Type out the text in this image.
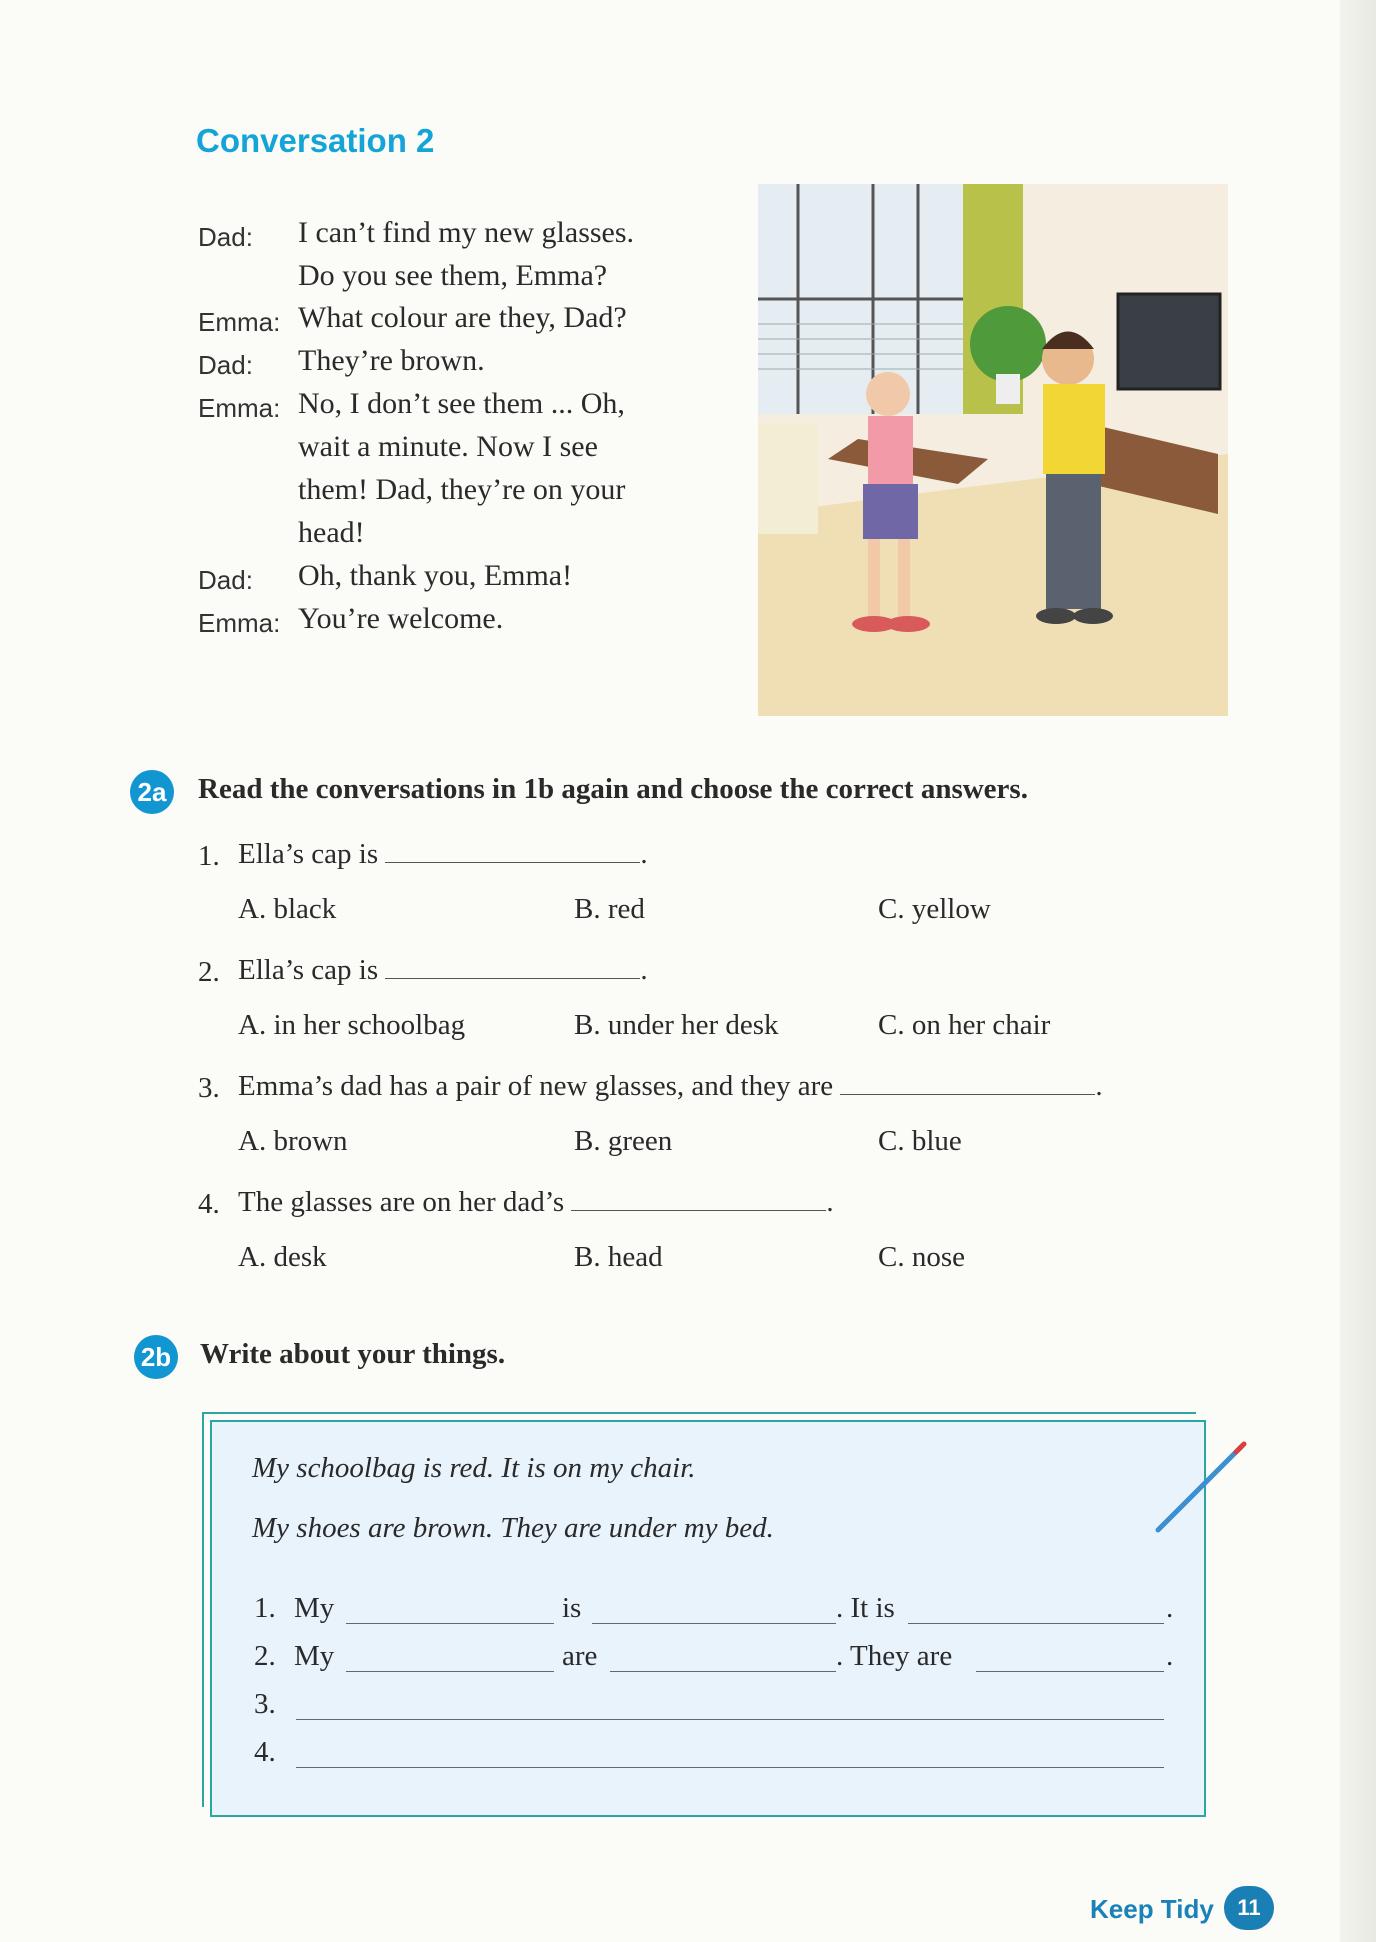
Conversation 2
Dad: I can’t find my new glasses.
Do you see them, Emma?
Emma: What colour are they, Dad?
Dad: They’re brown.
Emma: No, I don’t see them ... Oh,
wait a minute. Now I see
them! Dad, they’re on your
head!
Dad: Oh, thank you, Emma!
Emma: You’re welcome.
2a Read the conversations in 1b again and choose the correct answers.
1. Ella’s cap is	.
A. black	B. red	C. yellow
2. Ella’s cap is	.
A. in her schoolbag	B. under her desk	C. on her chair
3. Emma’s dad has a pair of new glasses, and they are	.
A. brown	B. green	C. blue
4. The glasses are on her dad’s	.
A. desk	B. head	C. nose
2b Write about your things.
My schoolbag is red. It is on my chair.
My shoes are brown. They are under my bed.
1. My	is	. It is	.
2. My	are	. They are	.
3.
4.
Keep Tidy	11
